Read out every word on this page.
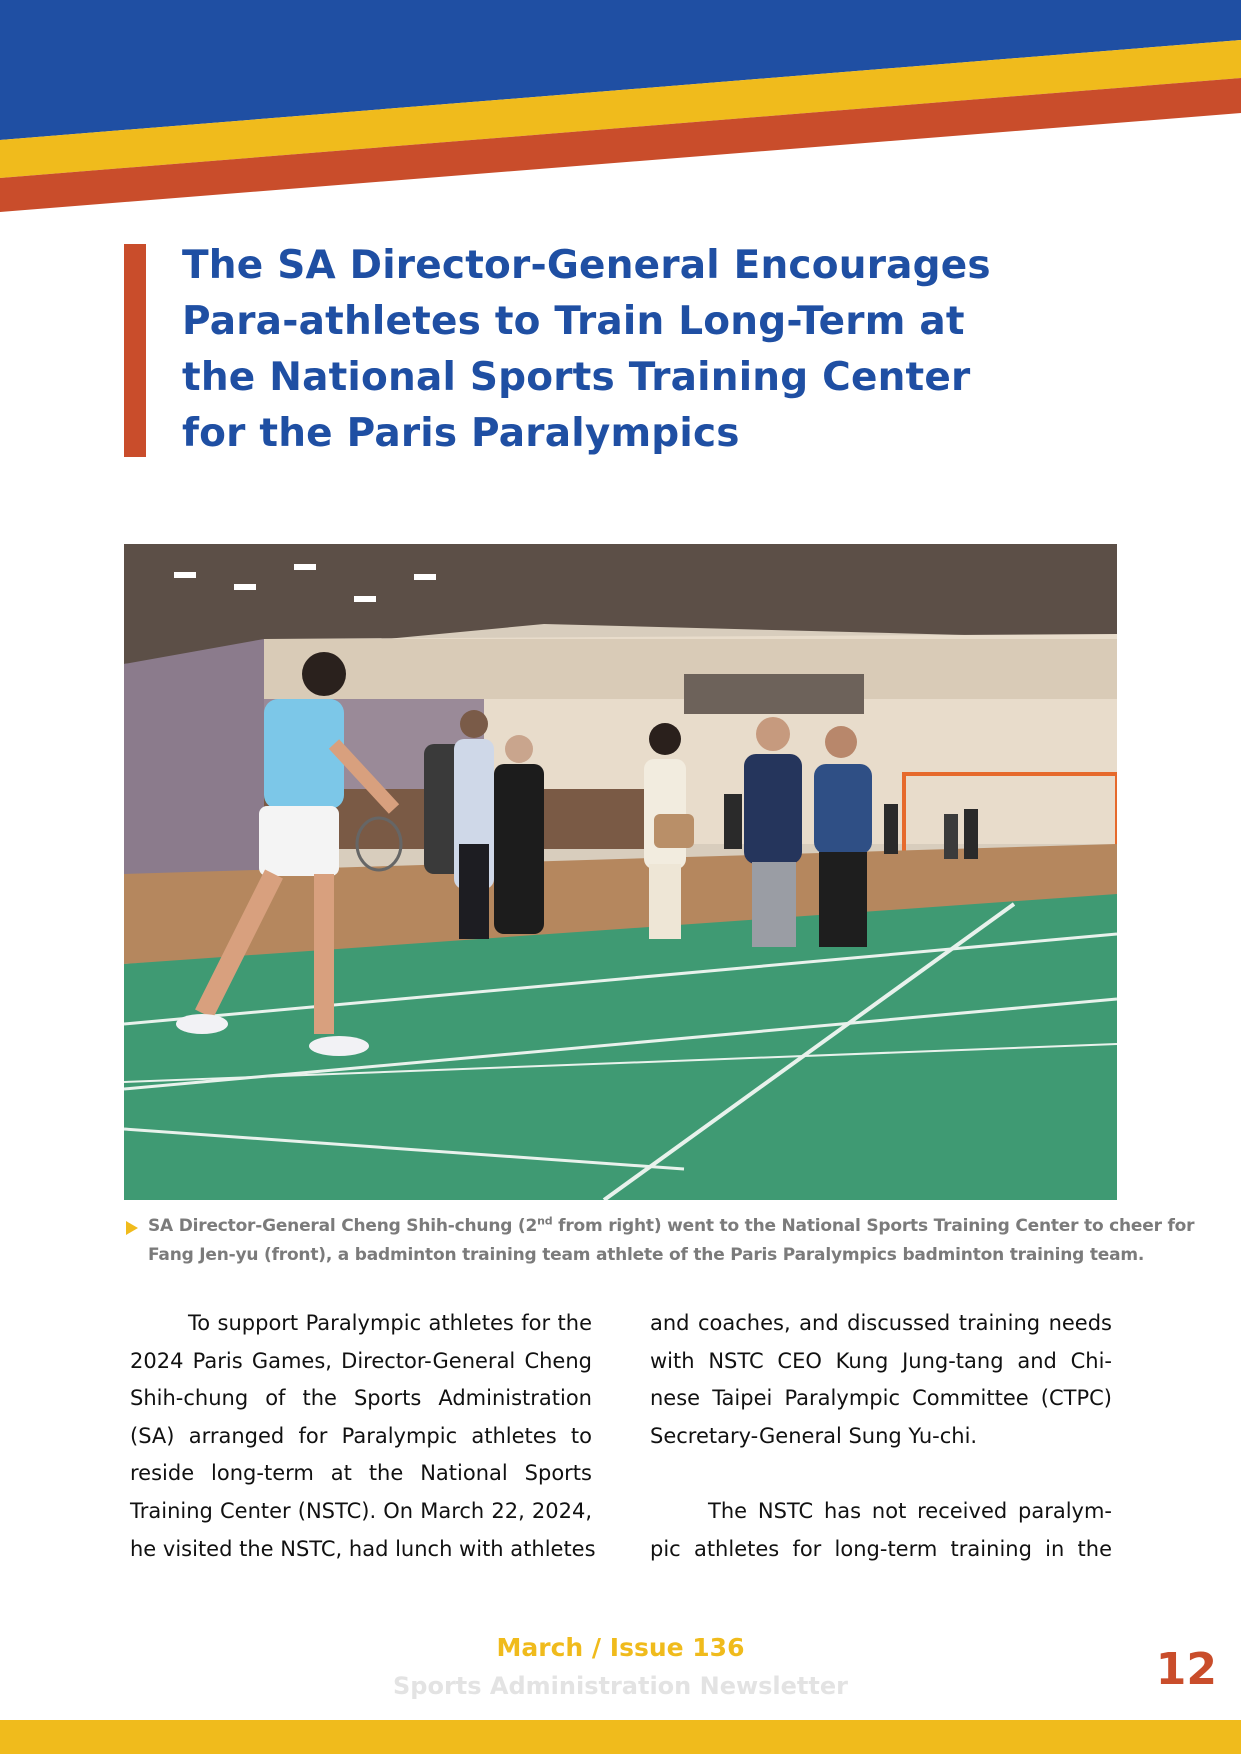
The SA Director-General Encourages
Para-athletes to Train Long-Term at
the National Sports Training Center
for the Paris Paralympics
SA Director-General Cheng Shih-chung (2nd from right) went to the National Sports Training Center to cheer for
Fang Jen-yu (front), a badminton training team athlete of the Paris Paralympics badminton training team.
To support Paralympic athletes for the
2024 Paris Games, Director-General Cheng
Shih-chung of the Sports Administration
(SA) arranged for Paralympic athletes to
reside long-term at the National Sports
Training Center (NSTC). On March 22, 2024,
he visited the NSTC, had lunch with athletes
and coaches, and discussed training needs
with NSTC CEO Kung Jung-tang and Chi-
nese Taipei Paralympic Committee (CTPC)
Secretary-General Sung Yu-chi.
The NSTC has not received paralym-
pic athletes for long-term training in the
March / Issue 136
Sports Administration Newsletter	12
